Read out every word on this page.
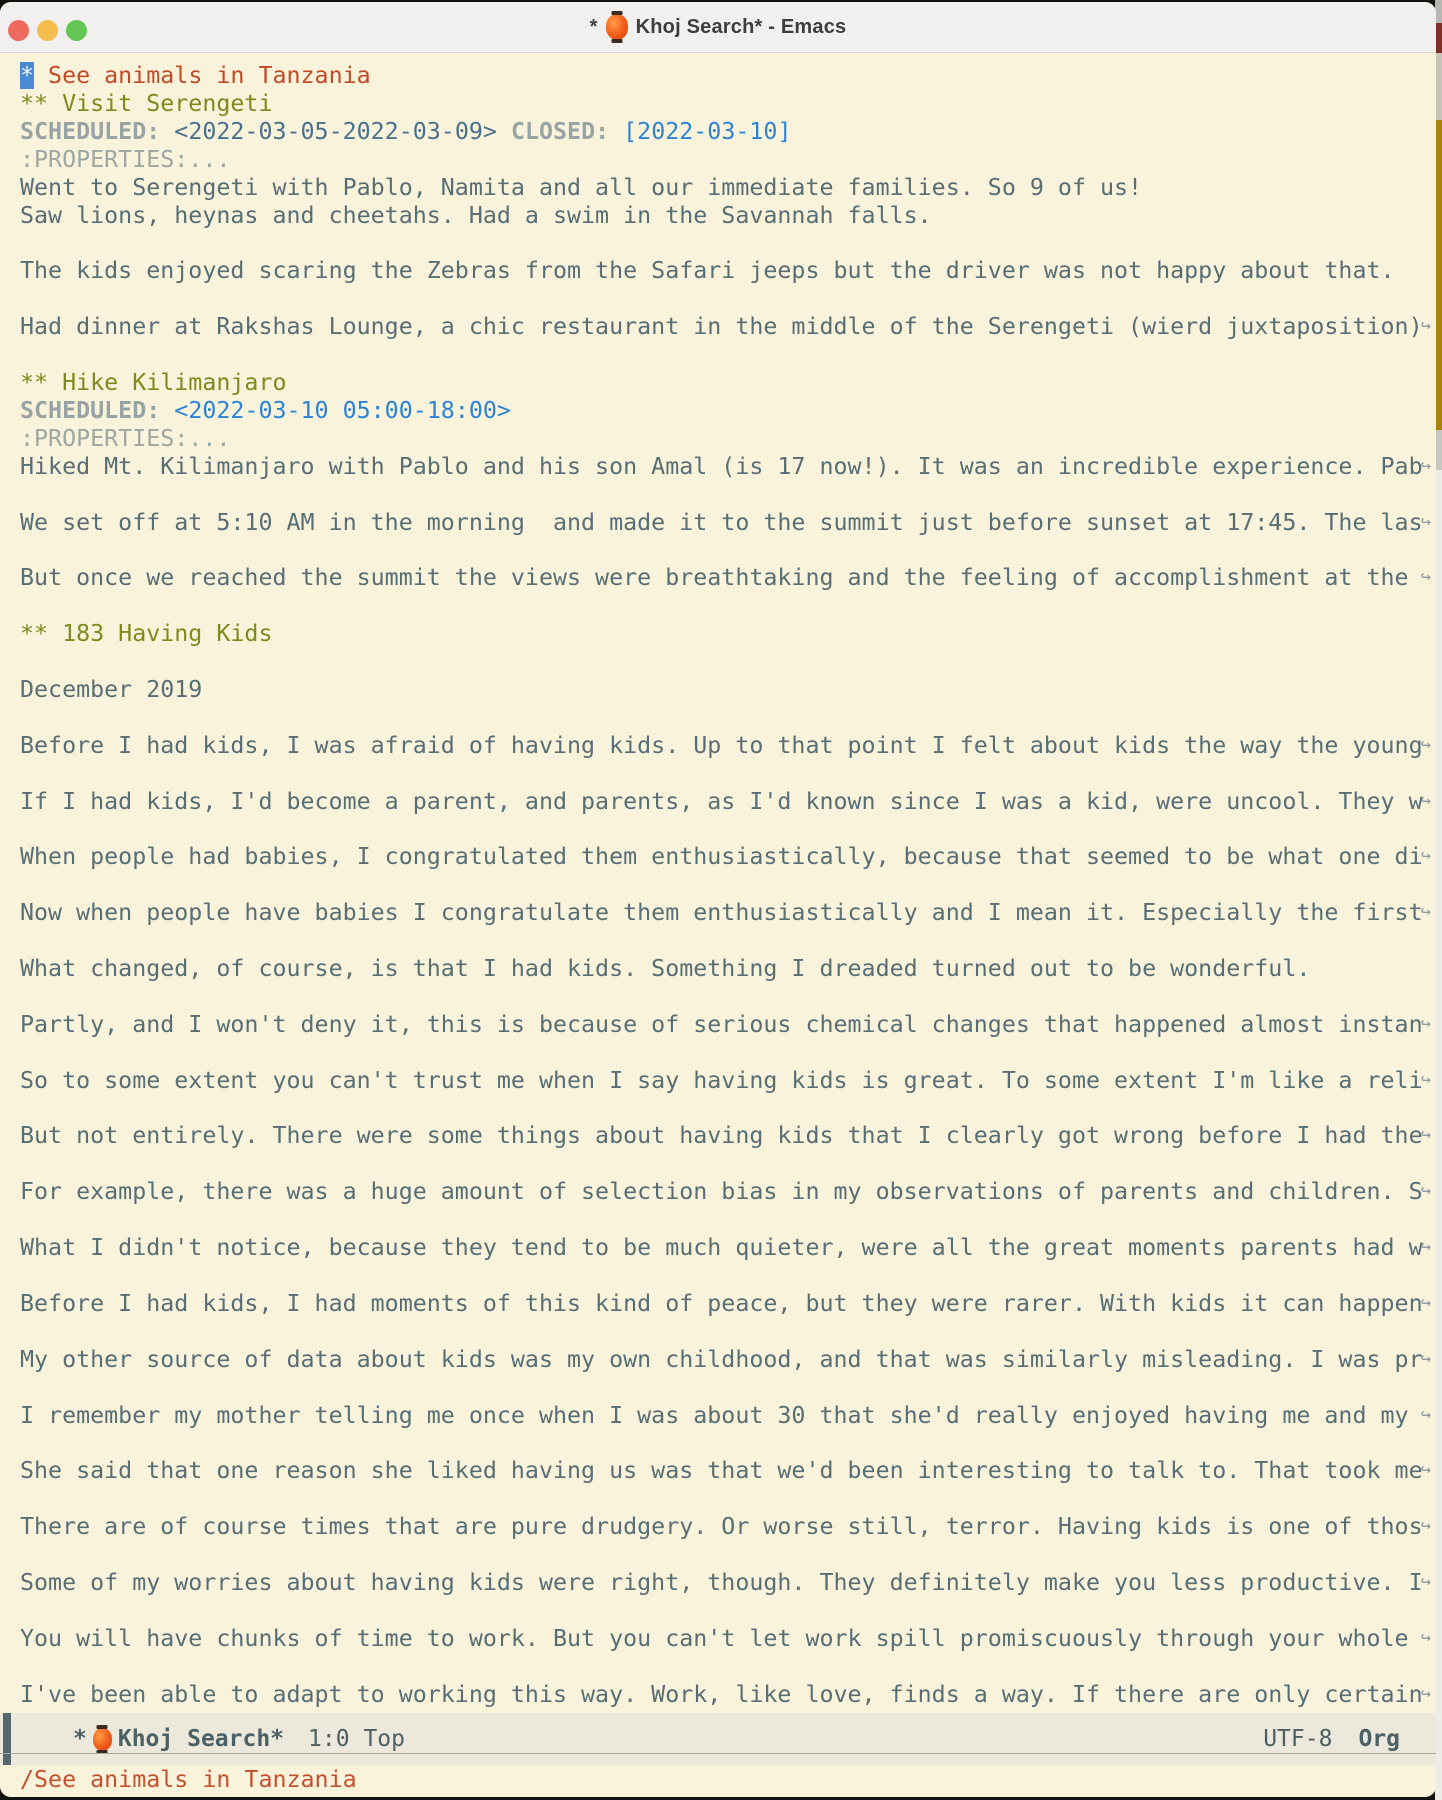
* Khoj Search* - Emacs
* See animals in Tanzania
** Visit Serengeti
SCHEDULED: <2022-03-05-2022-03-09> CLOSED: [2022-03-10]
:PROPERTIES:...
Went to Serengeti with Pablo, Namita and all our immediate families. So 9 of us!
Saw lions, heynas and cheetahs. Had a swim in the Savannah falls.
The kids enjoyed scaring the Zebras from the Safari jeeps but the driver was not happy about that.
Had dinner at Rakshas Lounge, a chic restaurant in the middle of the Serengeti (wierd juxtaposition)
↪
** Hike Kilimanjaro
SCHEDULED: <2022-03-10 05:00-18:00>
:PROPERTIES:...
Hiked Mt. Kilimanjaro with Pablo and his son Amal (is 17 now!). It was an incredible experience. Pab
↪
We set off at 5:10 AM in the morning  and made it to the summit just before sunset at 17:45. The las
↪
But once we reached the summit the views were breathtaking and the feeling of accomplishment at the
↪
** 183 Having Kids
December 2019
Before I had kids, I was afraid of having kids. Up to that point I felt about kids the way the young
↪
If I had kids, I'd become a parent, and parents, as I'd known since I was a kid, were uncool. They w
↪
When people had babies, I congratulated them enthusiastically, because that seemed to be what one di
↪
Now when people have babies I congratulate them enthusiastically and I mean it. Especially the first
↪
What changed, of course, is that I had kids. Something I dreaded turned out to be wonderful.
Partly, and I won't deny it, this is because of serious chemical changes that happened almost instan
↪
So to some extent you can't trust me when I say having kids is great. To some extent I'm like a reli
↪
But not entirely. There were some things about having kids that I clearly got wrong before I had the
↪
For example, there was a huge amount of selection bias in my observations of parents and children. S
↪
What I didn't notice, because they tend to be much quieter, were all the great moments parents had w
↪
Before I had kids, I had moments of this kind of peace, but they were rarer. With kids it can happen
↪
My other source of data about kids was my own childhood, and that was similarly misleading. I was pr
↪
I remember my mother telling me once when I was about 30 that she'd really enjoyed having me and my
↪
She said that one reason she liked having us was that we'd been interesting to talk to. That took me
↪
There are of course times that are pure drudgery. Or worse still, terror. Having kids is one of thos
↪
Some of my worries about having kids were right, though. They definitely make you less productive. I
↪
You will have chunks of time to work. But you can't let work spill promiscuously through your whole
↪
I've been able to adapt to working this way. Work, like love, finds a way. If there are only certain
↪
* Khoj Search* 1:0 Top	UTF-8 Org
/See animals in Tanzania
